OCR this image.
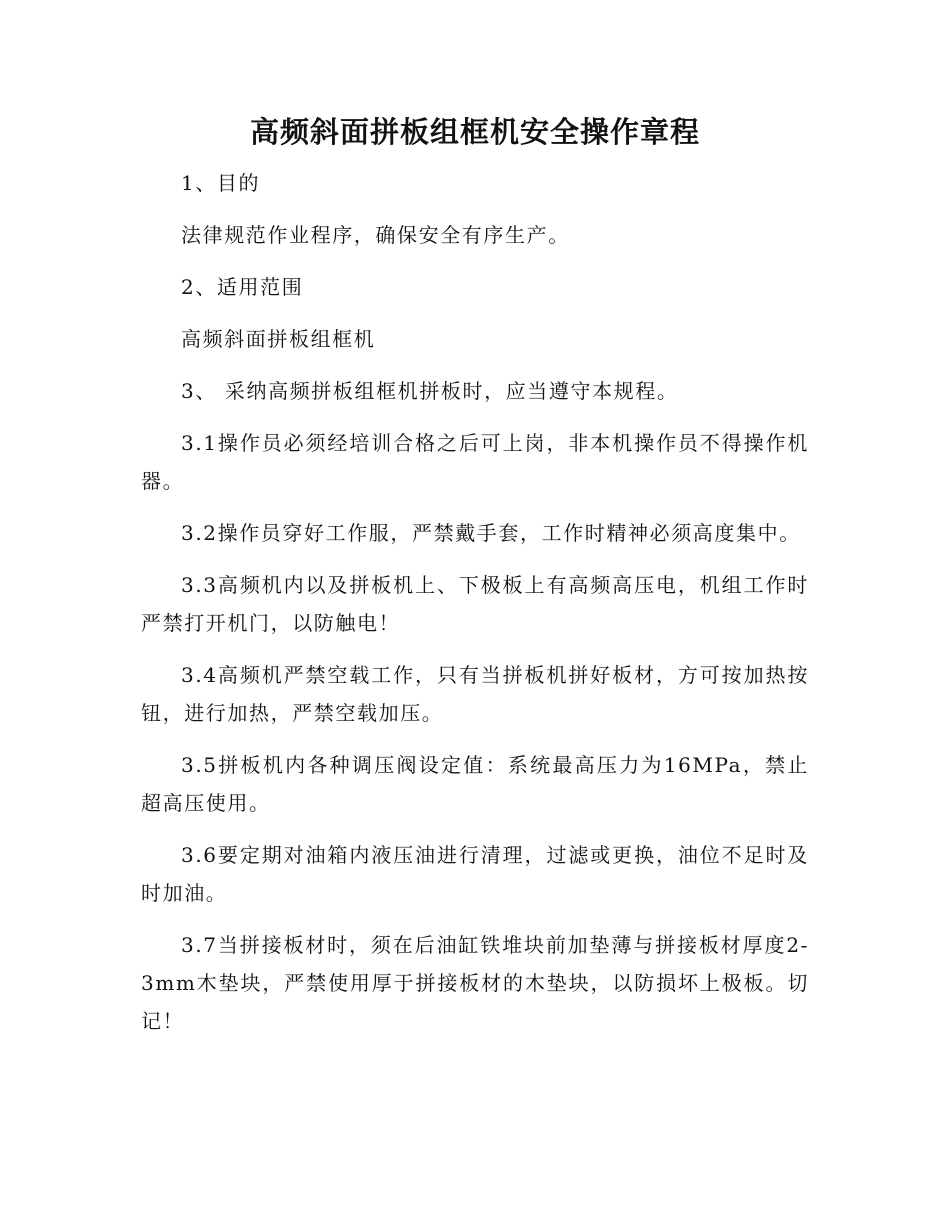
高频斜面拼板组框机安全操作章程

1、目的

法律规范作业程序，确保安全有序生产。

2、适用范围

高频斜面拼板组框机

3、 采纳高频拼板组框机拼板时，应当遵守本规程。

3.1操作员必须经培训合格之后可上岗，非本机操作员不得操作机器。

3.2操作员穿好工作服，严禁戴手套，工作时精神必须高度集中。

3.3高频机内以及拼板机上、下极板上有高频高压电，机组工作时严禁打开机门，以防触电！

3.4高频机严禁空载工作，只有当拼板机拼好板材，方可按加热按钮，进行加热，严禁空载加压。

3.5拼板机内各种调压阀设定值：系统最高压力为16MPa，禁止超高压使用。

3.6要定期对油箱内液压油进行清理，过滤或更换，油位不足时及时加油。

3.7当拼接板材时，须在后油缸铁堆块前加垫薄与拼接板材厚度2-3mm木垫块，严禁使用厚于拼接板材的木垫块，以防损坏上极板。切记！
